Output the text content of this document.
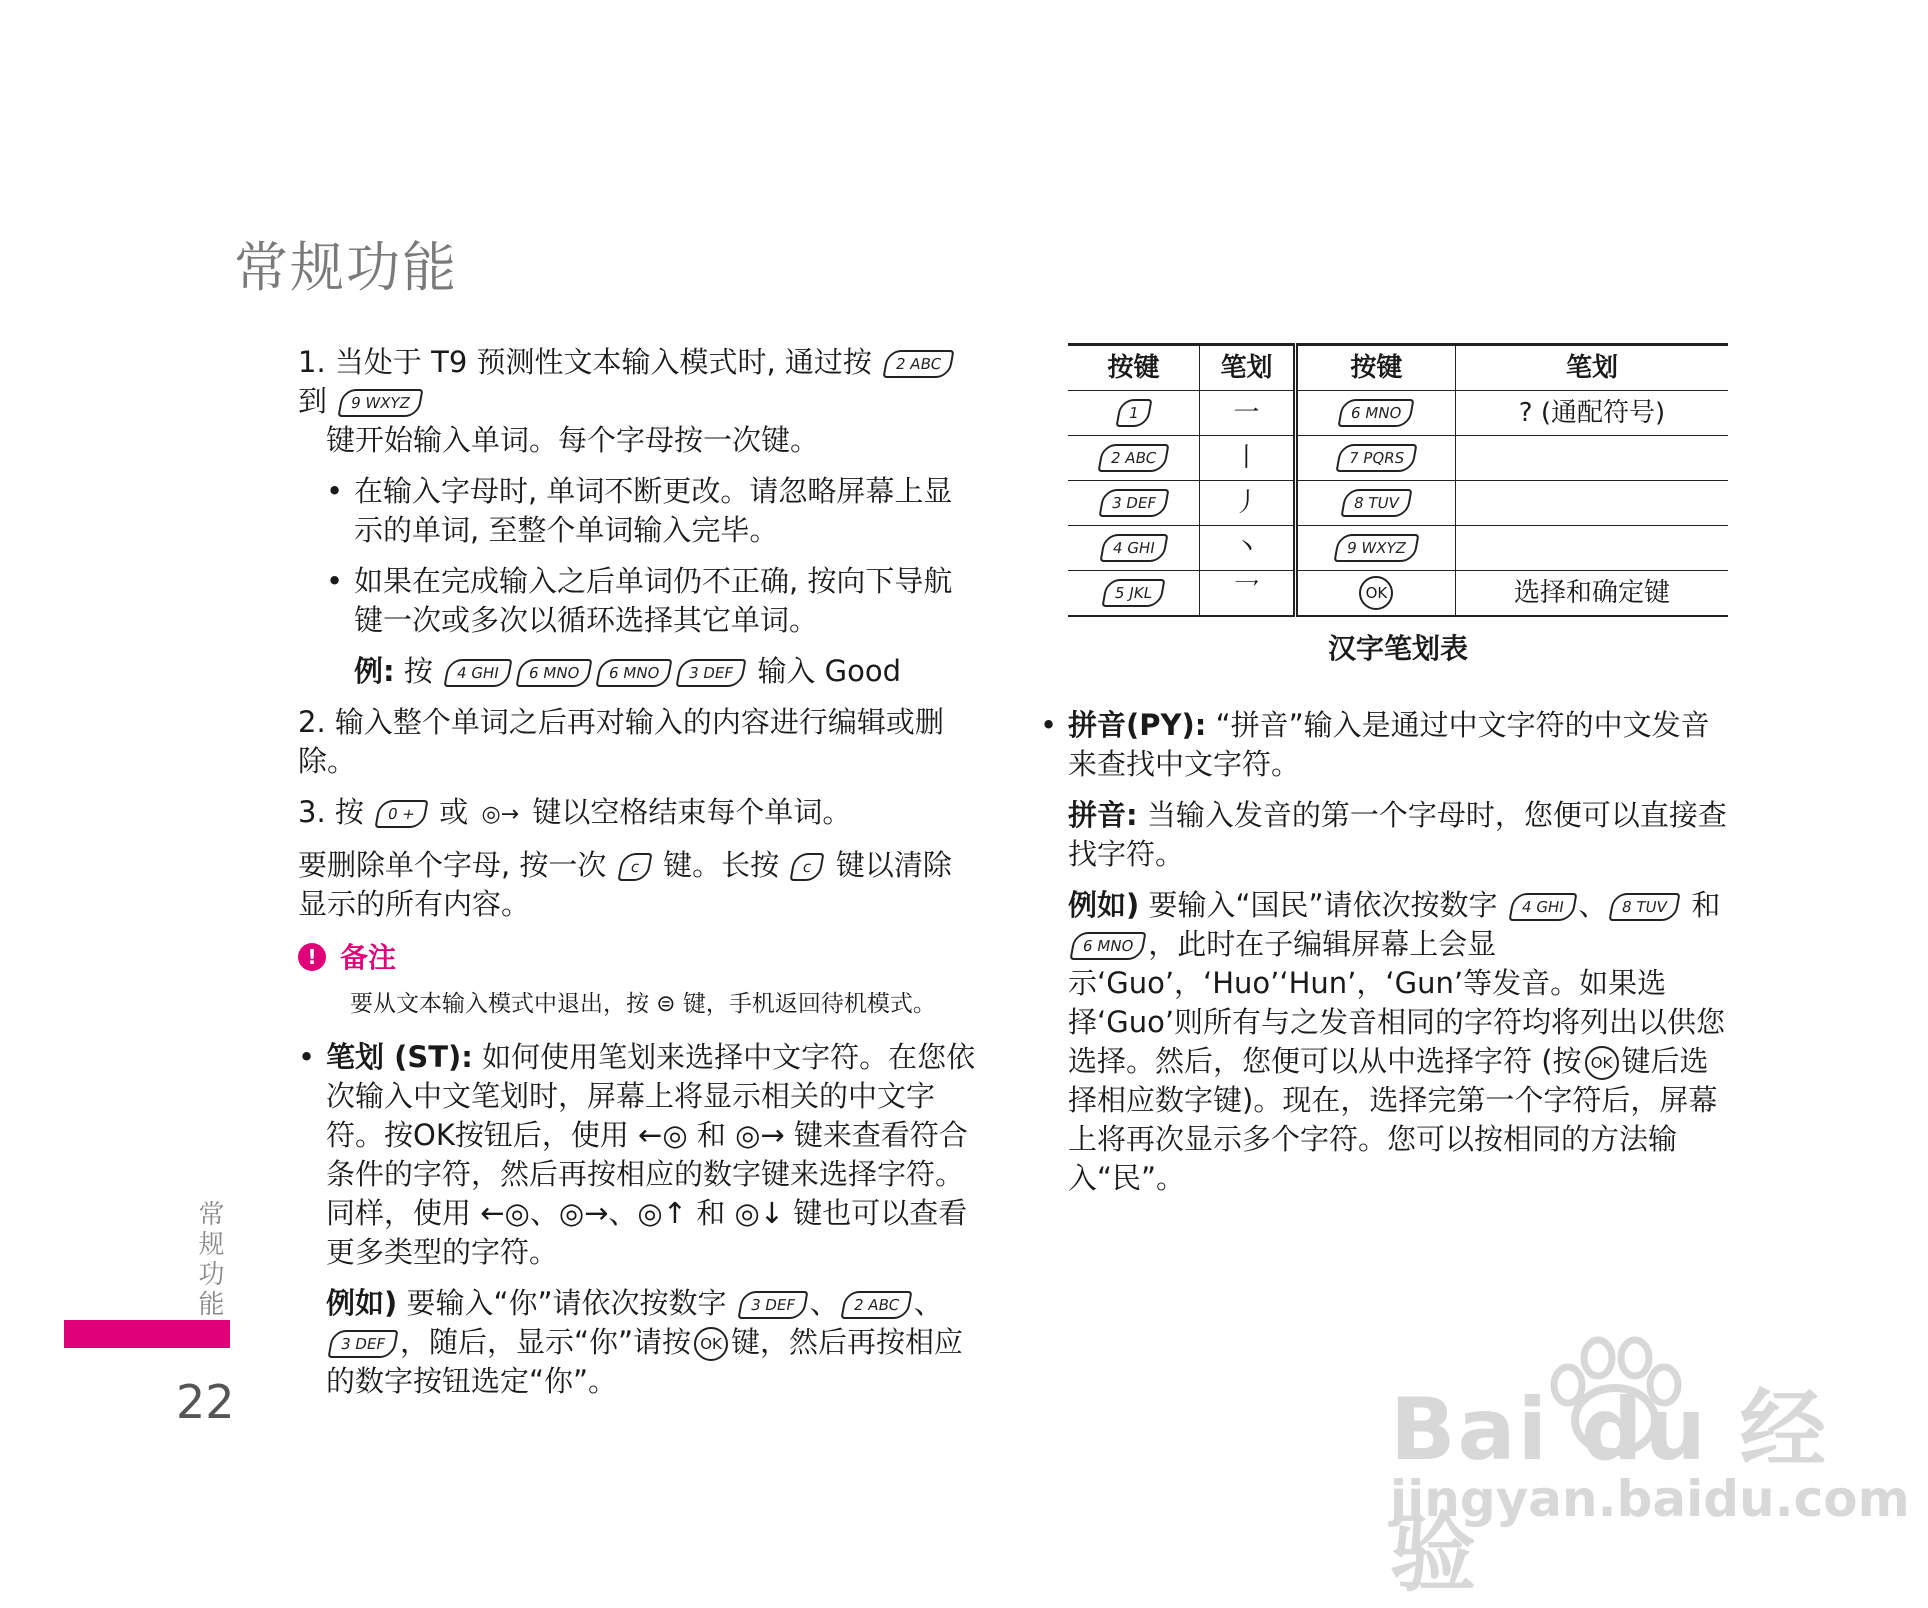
常规功能
1. 当处于 T9 预测性文本输入模式时, 通过按 2 ABC 到 9 WXYZ
键开始输入单词。每个字母按一次键。
• 在输入字母时, 单词不断更改。请忽略屏幕上显示的单词, 至整个单词输入完毕。
• 如果在完成输入之后单词仍不正确, 按向下导航键一次或多次以循环选择其它单词。
例: 按 4 GHI 6 MNO 6 MNO 3 DEF 输入 Good
2. 输入整个单词之后再对输入的内容进行编辑或删除。
3. 按 0 + 或 ◎→ 键以空格结束每个单词。
要删除单个字母, 按一次 c 键。长按 c 键以清除显示的所有内容。
! 备注
要从文本输入模式中退出，按 ⊜ 键，手机返回待机模式。
• 笔划 (ST): 如何使用笔划来选择中文字符。在您依次输入中文笔划时，屏幕上将显示相关的中文字符。按OK按钮后，使用 ←◎ 和 ◎→ 键来查看符合条件的字符，然后再按相应的数字键来选择字符。同样，使用 ←◎、◎→、◎↑ 和 ◎↓ 键也可以查看更多类型的字符。
例如) 要输入“你”请依次按数字 3 DEF 、 2 ABC 、3 DEF ，随后，显示“你”请按 OK 键，然后再按相应的数字按钮选定“你”。
按键	笔划	按键	笔划
1	一	6 MNO	? (通配符号)
2 ABC	丨	7 PQRS	
3 DEF	丿	8 TUV	
4 GHI	丶	9 WXYZ	
5 JKL	乛	OK	选择和确定键
汉字笔划表
• 拼音(PY): “拼音”输入是通过中文字符的中文发音来查找中文字符。
拼音: 当输入发音的第一个字母时，您便可以直接查找字符。
例如) 要输入“国民”请依次按数字 4 GHI 、 8 TUV 和 6 MNO ，此时在子编辑屏幕上会显示‘Guo’，‘Huo’‘Hun’，‘Gun’等发音。如果选择‘Guo’则所有与之发音相同的字符均将列出以供您选择。然后，您便可以从中选择字符 (按 OK 键后选择相应数字键)。现在，选择完第一个字符后，屏幕上将再次显示多个字符。您可以按相同的方法输入“民”。
常规功能
22	Bai du 经验
jingyan.baidu.com
